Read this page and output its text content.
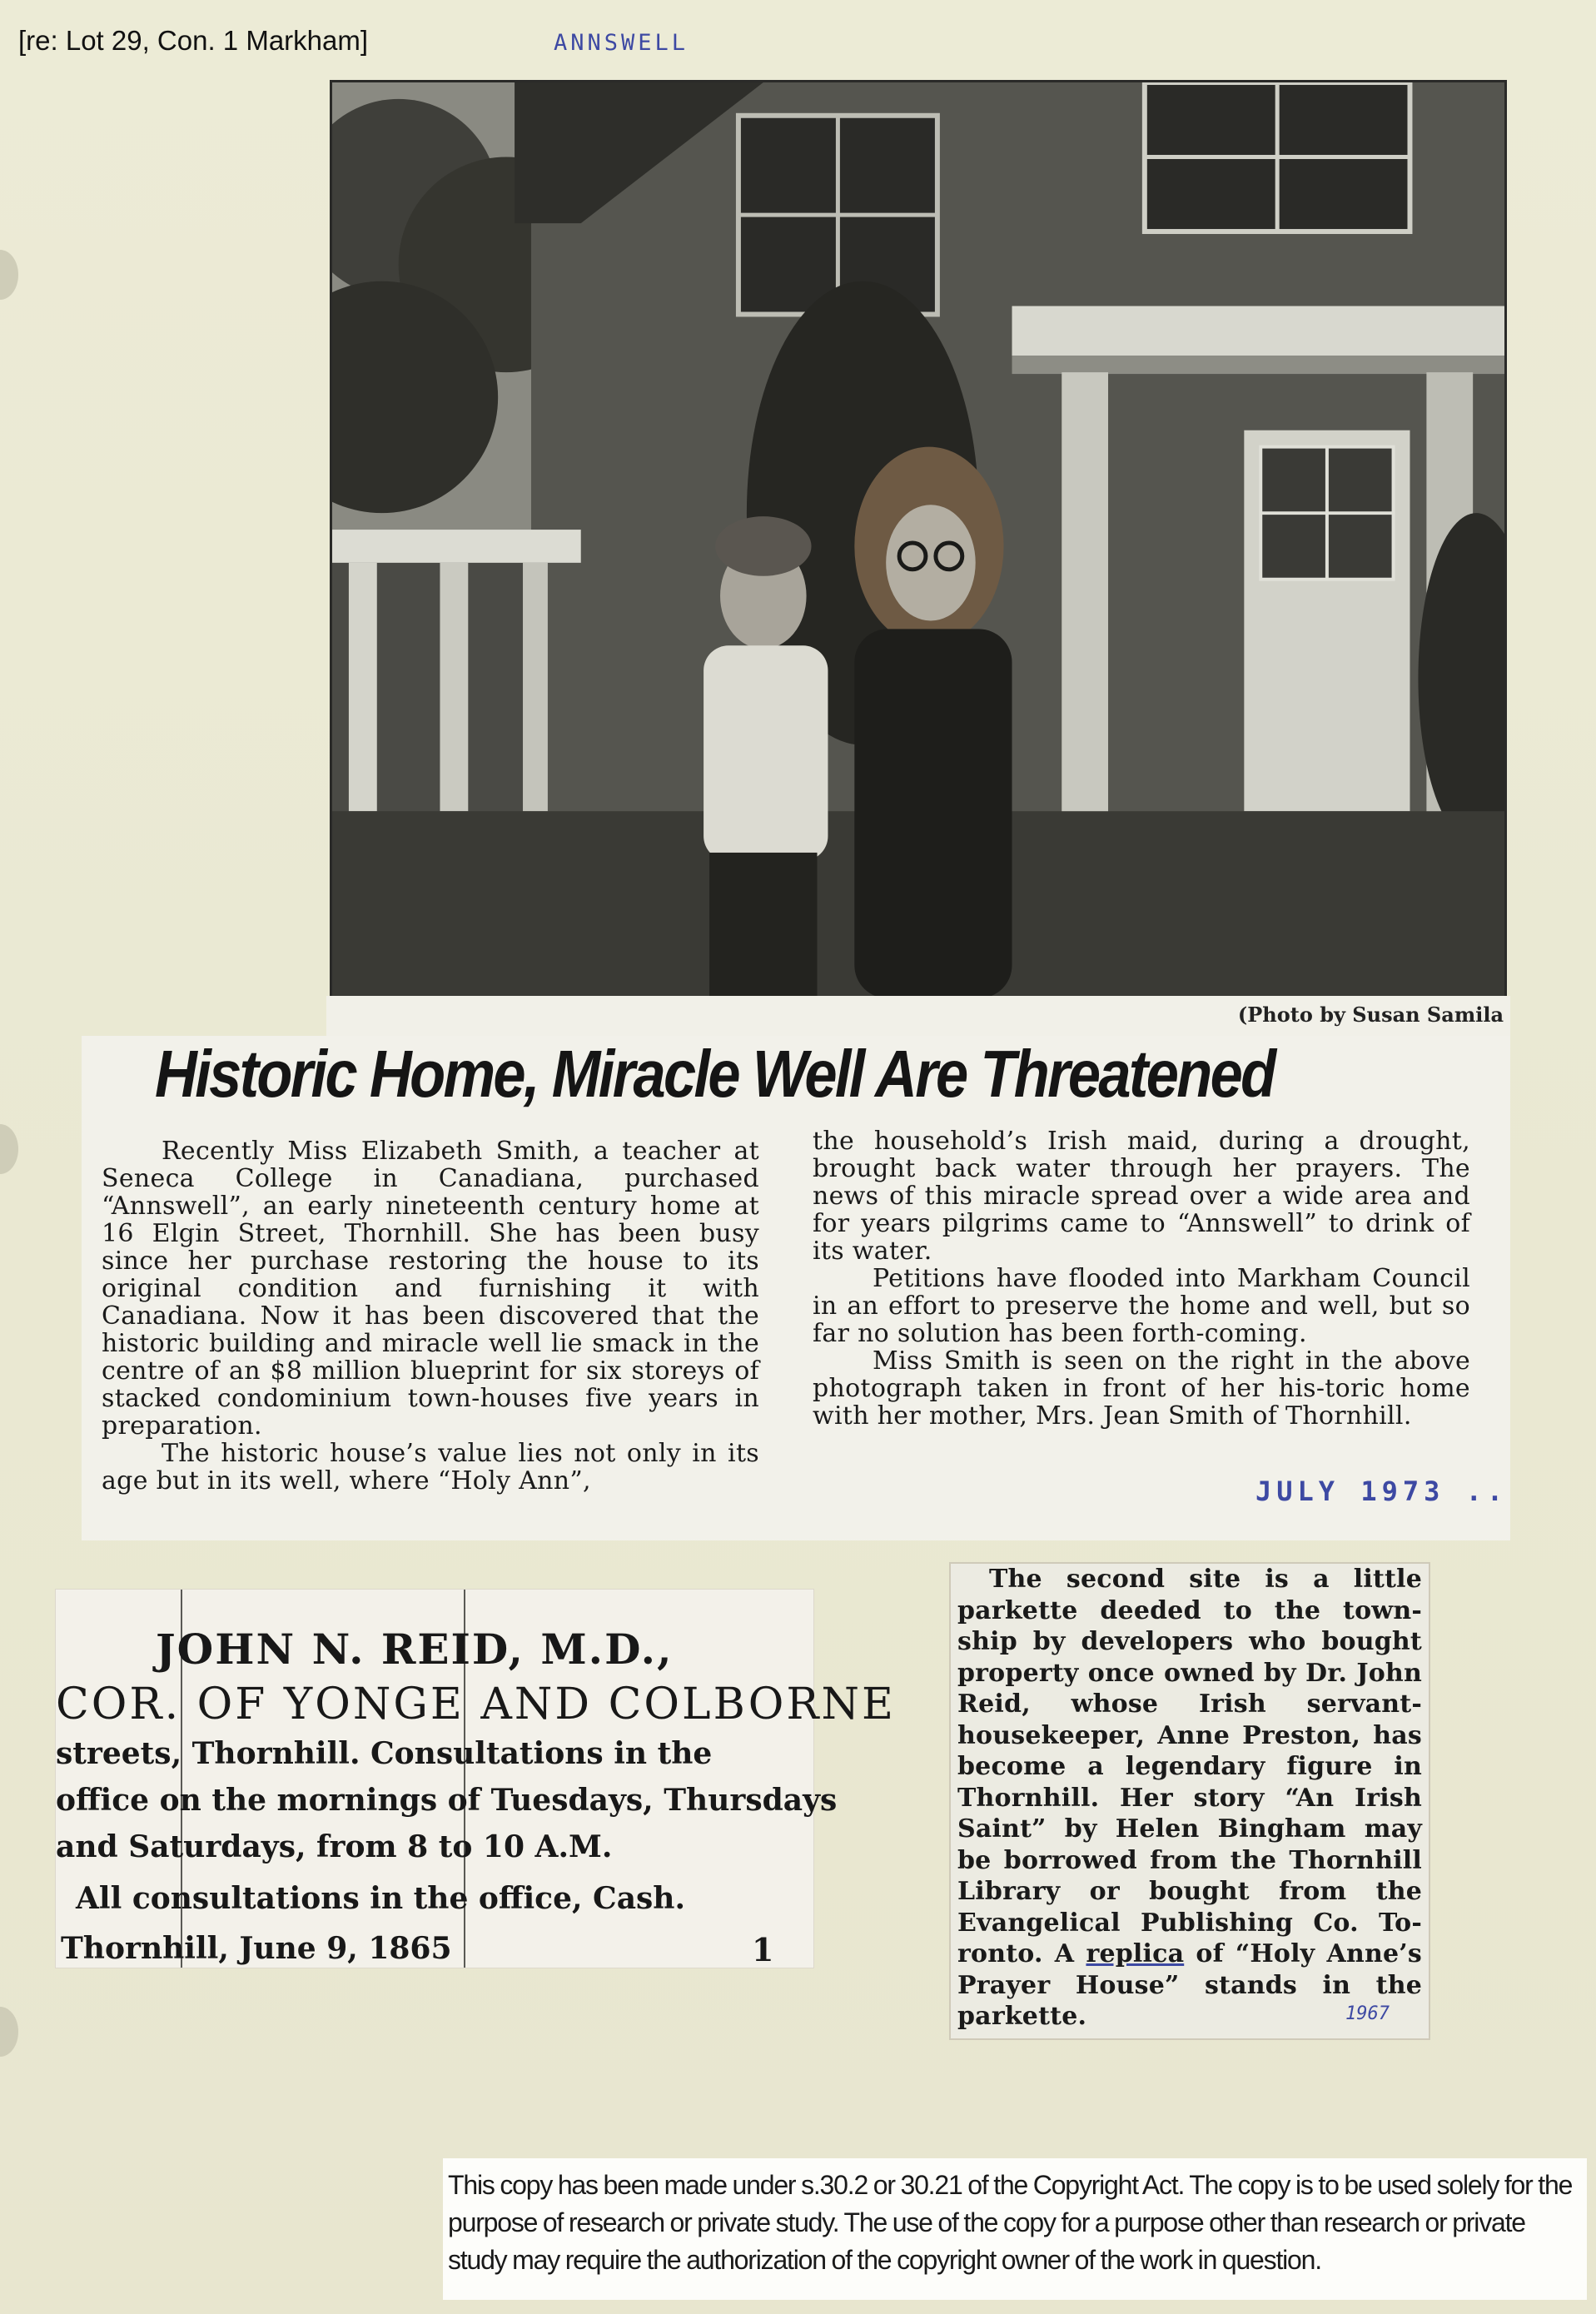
[re: Lot 29, Con. 1 Markham]	ANNSWELL
(Photo by Susan Samila
Historic Home, Miracle Well Are Threatened

Recently Miss Elizabeth Smith, a teacher at Seneca College in Canadiana, purchased “Annswell”, an early nineteenth century home at 16 Elgin Street, Thornhill. She has been busy since her purchase restoring the house to its original condition and furnishing it with Canadiana. Now it has been discovered that the historic building and miracle well lie smack in the centre of an $8 million blueprint for six storeys of stacked condominium town-houses five years in preparation.

The historic house’s value lies not only in its age but in its well, where “Holy Ann”,

the household’s Irish maid, during a drought, brought back water through her prayers. The news of this miracle spread over a wide area and for years pilgrims came to “Annswell” to drink of its water.

Petitions have flooded into Markham Council in an effort to preserve the home and well, but so far no solution has been forth-coming.

Miss Smith is seen on the right in the above photograph taken in front of her his-toric home with her mother, Mrs. Jean Smith of Thornhill.

JULY 1973 ..
JOHN N. REID, M.D.,
COR. OF YONGE AND COLBORNE
streets, Thornhill. Consultations in the
office on the mornings of Tuesdays, Thursdays
and Saturdays, from 8 to 10 A.M.
All consultations in the office, Cash.
Thornhill, June 9, 1865	1

The second site is a little parkette deeded to the town-ship by developers who bought property once owned by Dr. John Reid, whose Irish servant-housekeeper, Anne Preston, has become a legendary figure in Thornhill. Her story “An Irish Saint” by Helen Bingham may be borrowed from the Thornhill Library or bought from the Evangelical Publishing Co. To-ronto. A replica of “Holy Anne’s Prayer House” stands in the parkette.	1967
This copy has been made under s.30.2 or 30.21 of the Copyright Act. The copy is to be used solely for the purpose of research or private study. The use of the copy for a purpose other than research or private study may require the authorization of the copyright owner of the work in question.
